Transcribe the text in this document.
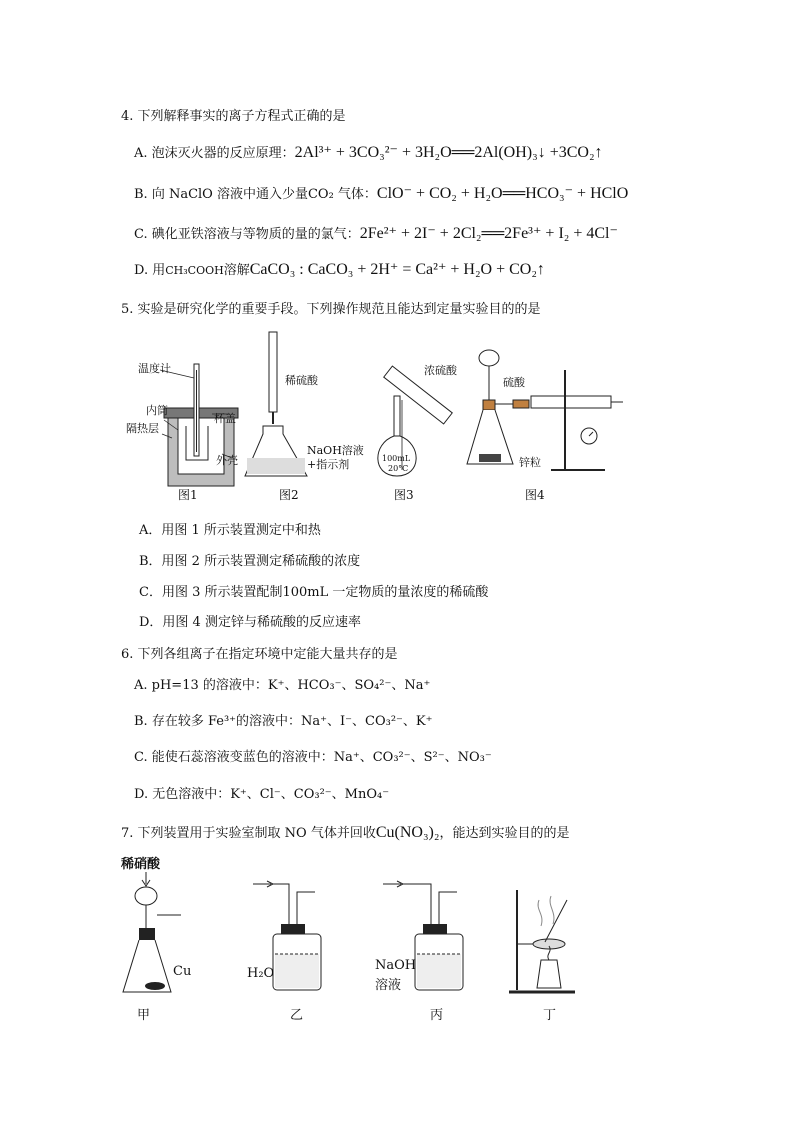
4. 下列解释事实的离子方程式正确的是
A. 泡沫灭火器的反应原理：2Al³⁺ + 3CO₃²⁻ + 3H₂O══2Al(OH)₃↓ +3CO₂↑
B. 向 NaClO 溶液中通入少量CO₂ 气体：ClO⁻ + CO₂ + H₂O══HCO₃⁻ + HClO
C. 碘化亚铁溶液与等物质的量的氯气：2Fe²⁺ + 2I⁻ + 2Cl₂══2Fe³⁺ + I₂ + 4Cl⁻
D. 用CH₃COOH溶解CaCO₃ : CaCO₃ + 2H⁺ = Ca²⁺ + H₂O + CO₂↑
5. 实验是研究化学的重要手段。下列操作规范且能达到定量实验目的的是
温度计
内筒
隔热层
杯盖
外壳
图1
稀硫酸
NaOH溶液
+指示剂
图2
浓硫酸
100mL
20°C
图3
硫酸
锌粒
图4
A．用图 1 所示装置测定中和热
B．用图 2 所示装置测定稀硫酸的浓度
C．用图 3 所示装置配制100mL 一定物质的量浓度的稀硫酸
D．用图 4 测定锌与稀硫酸的反应速率
6. 下列各组离子在指定环境中定能大量共存的是
A. pH=13 的溶液中：K⁺、HCO₃⁻、SO₄²⁻、Na⁺
B. 存在较多 Fe³⁺的溶液中：Na⁺、I⁻、CO₃²⁻、K⁺
C. 能使石蕊溶液变蓝色的溶液中：Na⁺、CO₃²⁻、S²⁻、NO₃⁻
D. 无色溶液中：K⁺、Cl⁻、CO₃²⁻、MnO₄⁻
7. 下列装置用于实验室制取 NO 气体并回收Cu(NO₃)₂，能达到实验目的的是
稀硝酸
Cu
甲
H₂O
乙
NaOH
溶液
丙	丁
